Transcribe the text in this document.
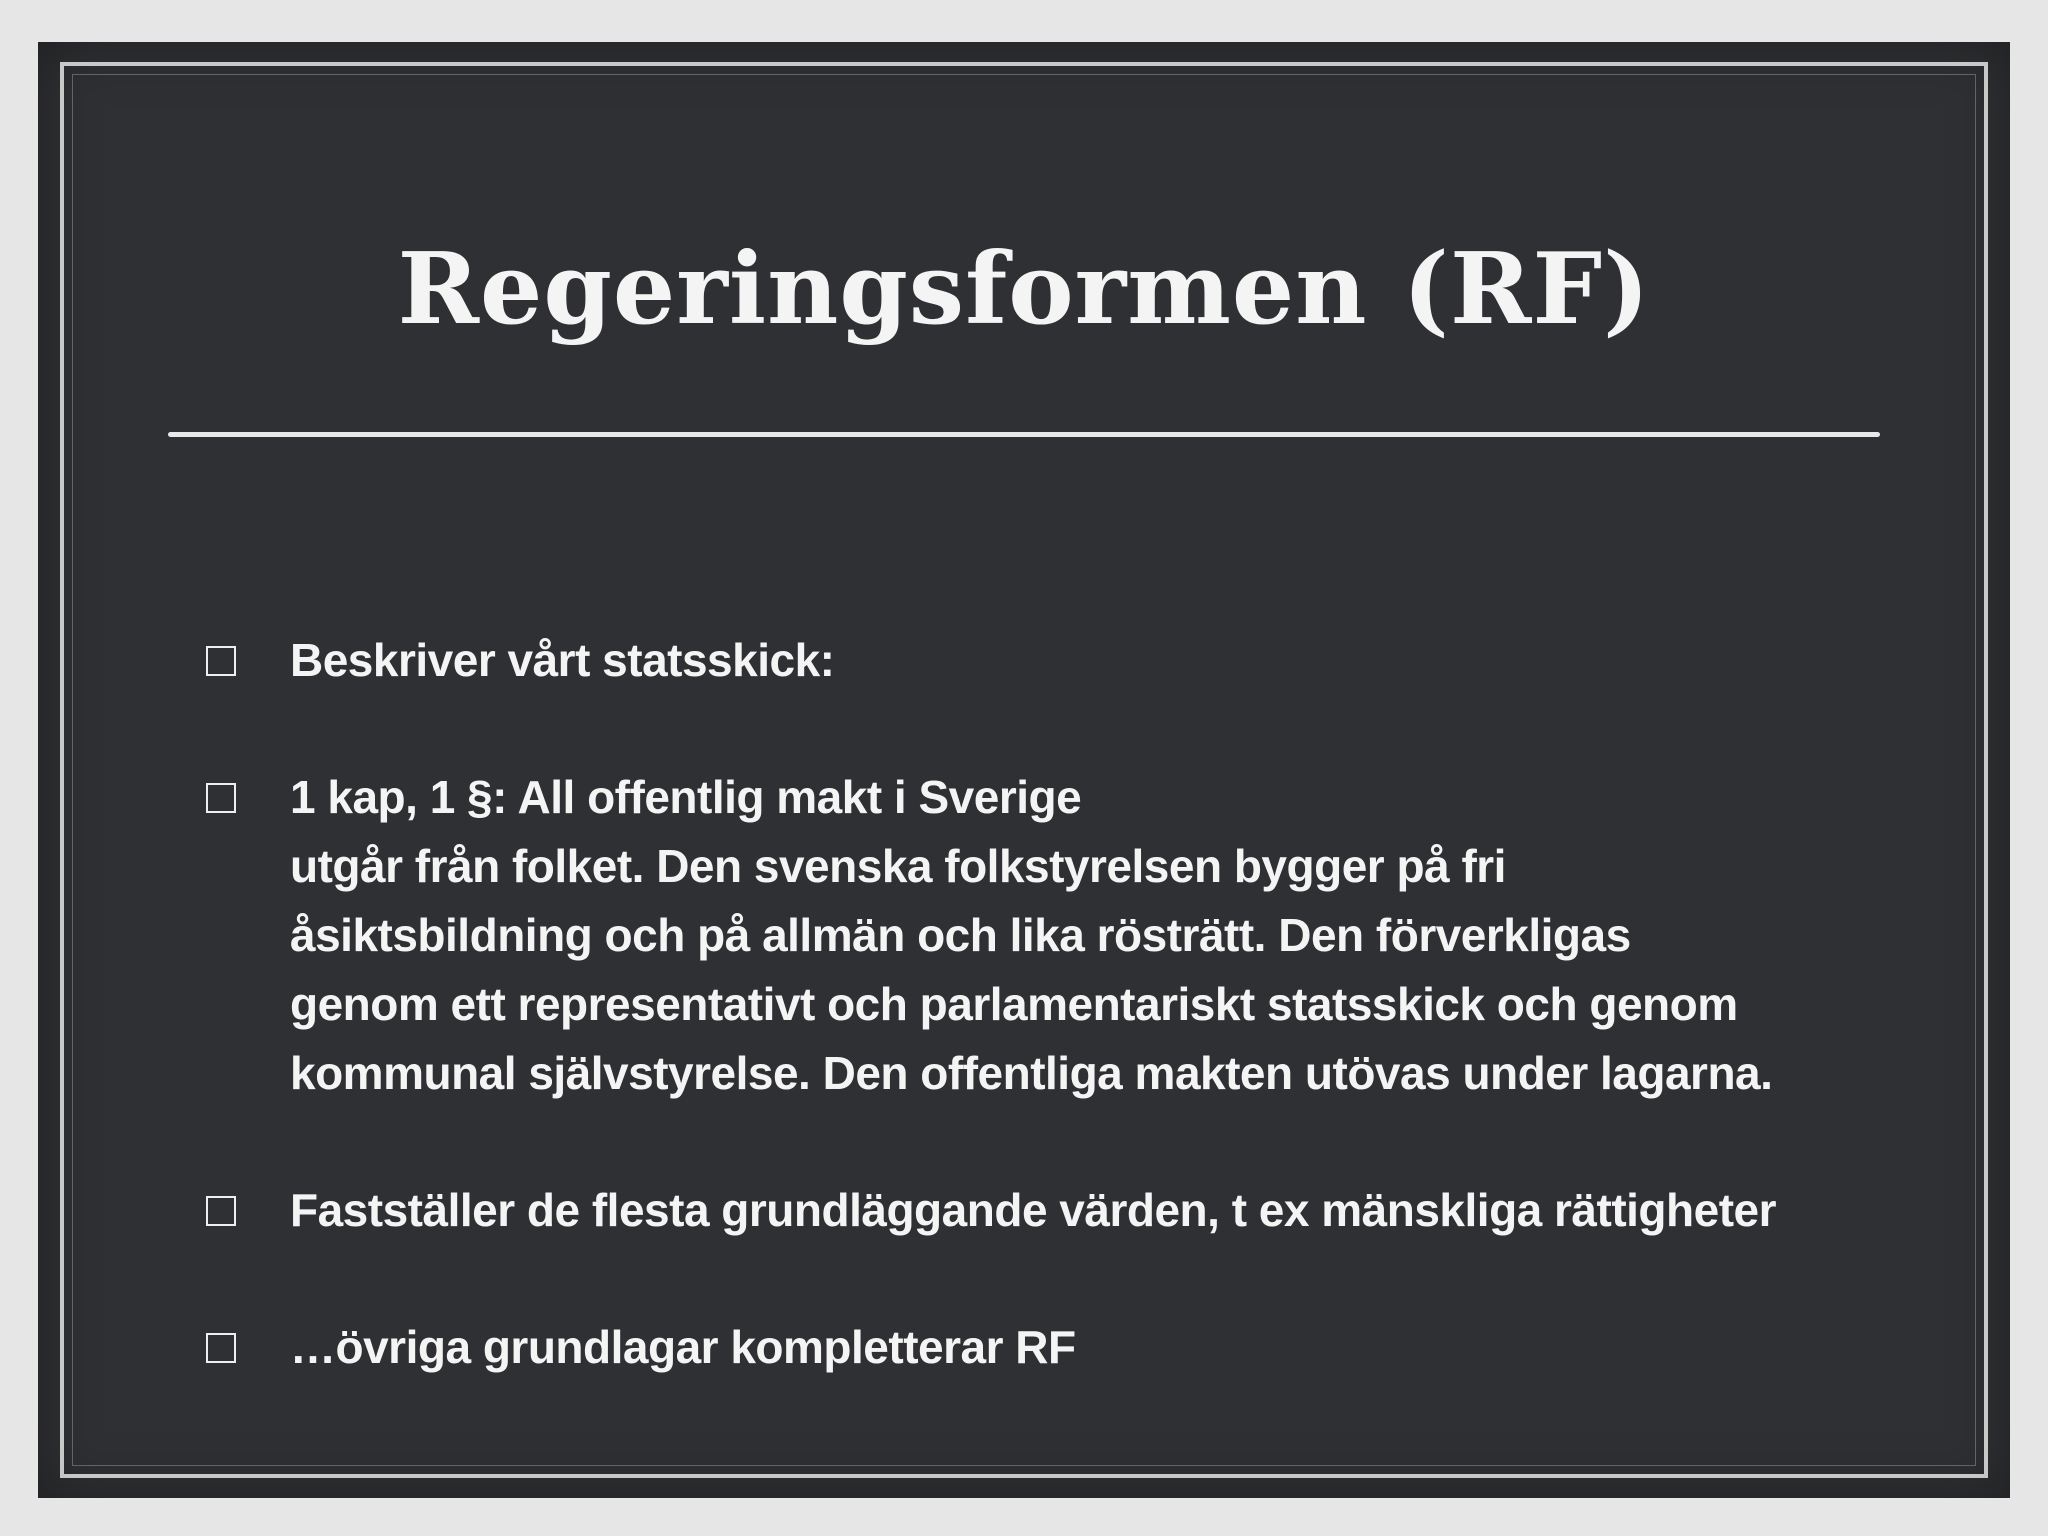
Regeringsformen (RF)
Beskriver vårt statsskick:
1 kap, 1 §: All offentlig makt i Sverige
utgår från folket. Den svenska folkstyrelsen bygger på fri
åsiktsbildning och på allmän och lika rösträtt. Den förverkligas
genom ett representativt och parlamentariskt statsskick och genom
kommunal självstyrelse. Den offentliga makten utövas under lagarna.
Fastställer de flesta grundläggande värden, t ex mänskliga rättigheter
…övriga grundlagar kompletterar RF
